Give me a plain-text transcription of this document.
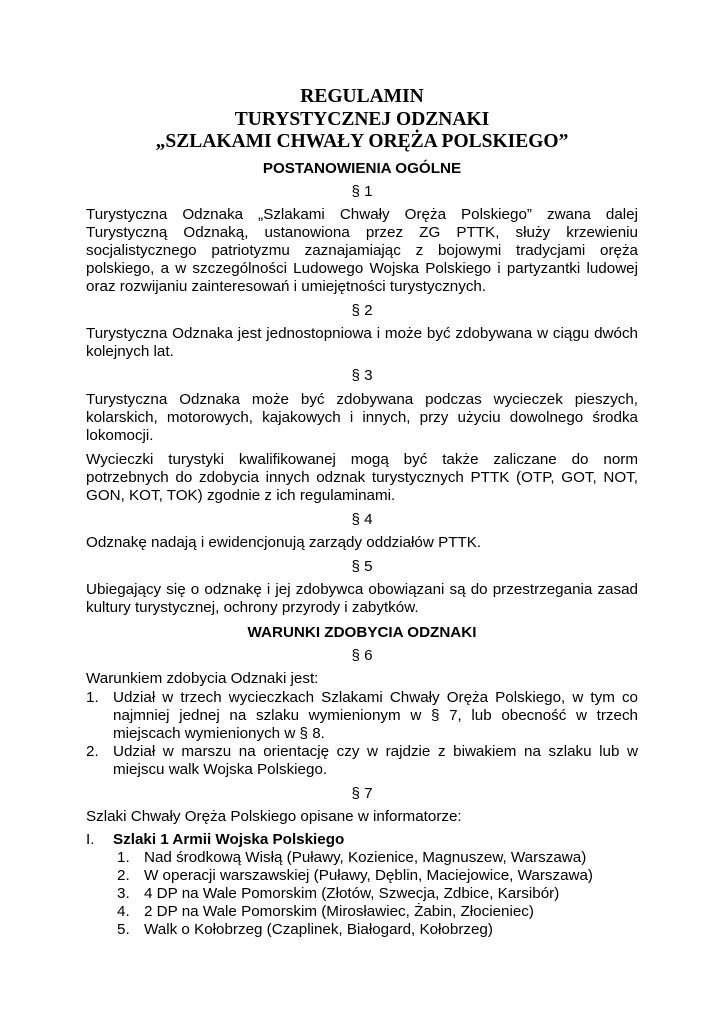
REGULAMIN
TURYSTYCZNEJ ODZNAKI
„SZLAKAMI CHWAŁY ORĘŻA POLSKIEGO”
POSTANOWIENIA OGÓLNE
§ 1
Turystyczna Odznaka „Szlakami Chwały Oręża Polskiego” zwana dalej Turystyczną Odznaką, ustanowiona przez ZG PTTK, służy krzewieniu socjalistycznego patriotyzmu zaznajamiając z bojowymi tradycjami oręża polskiego, a w szczególności Ludowego Wojska Polskiego i partyzantki ludowej oraz rozwijaniu zainteresowań i umiejętności turystycznych.
§ 2
Turystyczna Odznaka jest jednostopniowa i może być zdobywana w ciągu dwóch kolejnych lat.
§ 3
Turystyczna Odznaka może być zdobywana podczas wycieczek pieszych, kolarskich, motorowych, kajakowych i innych, przy użyciu dowolnego środka lokomocji.
Wycieczki turystyki kwalifikowanej mogą być także zaliczane do norm potrzebnych do zdobycia innych odznak turystycznych PTTK (OTP, GOT, NOT, GON, KOT, TOK) zgodnie z ich regulaminami.
§ 4
Odznakę nadają i ewidencjonują zarządy oddziałów PTTK.
§ 5
Ubiegający się o odznakę i jej zdobywca obowiązani są do przestrzegania zasad kultury turystycznej, ochrony przyrody i zabytków.
WARUNKI ZDOBYCIA ODZNAKI
§ 6
Warunkiem zdobycia Odznaki jest:
1. Udział w trzech wycieczkach Szlakami Chwały Oręża Polskiego, w tym co najmniej jednej na szlaku wymienionym w § 7, lub obecność w trzech miejscach wymienionych w § 8.
2. Udział w marszu na orientację czy w rajdzie z biwakiem na szlaku lub w miejscu walk Wojska Polskiego.
§ 7
Szlaki Chwały Oręża Polskiego opisane w informatorze:
I. Szlaki 1 Armii Wojska Polskiego
1. Nad środkową Wisłą (Puławy, Kozienice, Magnuszew, Warszawa)
2. W operacji warszawskiej (Puławy, Dęblin, Maciejowice, Warszawa)
3. 4 DP na Wale Pomorskim (Złotów, Szwecja, Zdbice, Karsibór)
4. 2 DP na Wale Pomorskim (Mirosławiec, Żabin, Złocieniec)
5. Walk o Kołobrzeg (Czaplinek, Białogard, Kołobrzeg)
